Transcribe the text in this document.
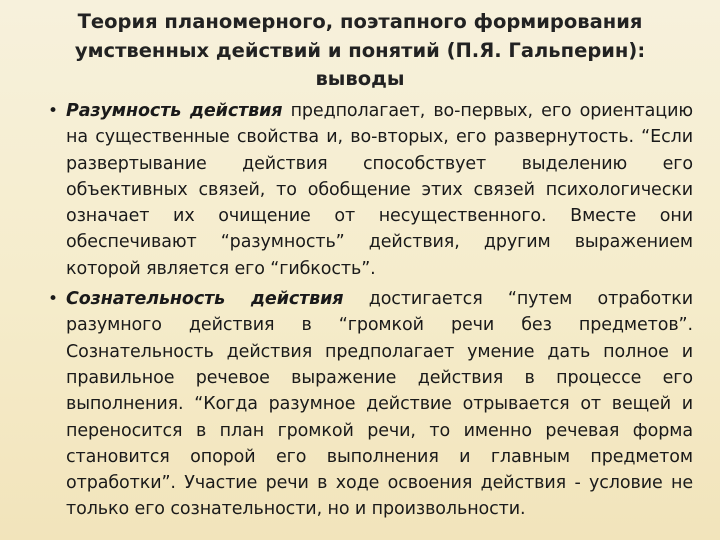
Теория планомерного, поэтапного формирования
умственных действий и понятий (П.Я. Гальперин):
выводы
• Разумность действия предполагает, во-первых, его ориентацию на существенные свойства и, во-вторых, его развернутость. “Если развертывание действия способствует выделению его объективных связей, то обобщение этих связей психологически означает их очищение от несущественного. Вместе они обеспечивают “разумность” действия, другим выражением которой является его “гибкость”.
• Сознательность действия достигается “путем отработки разумного действия в “громкой речи без предметов”. Сознательность действия предполагает умение дать полное и правильное речевое выражение действия в процессе его выполнения. “Когда разумное действие отрывается от вещей и переносится в план громкой речи, то именно речевая форма становится опорой его выполнения и главным предметом отработки”. Участие речи в ходе освоения действия - условие не только его сознательности, но и произвольности.
